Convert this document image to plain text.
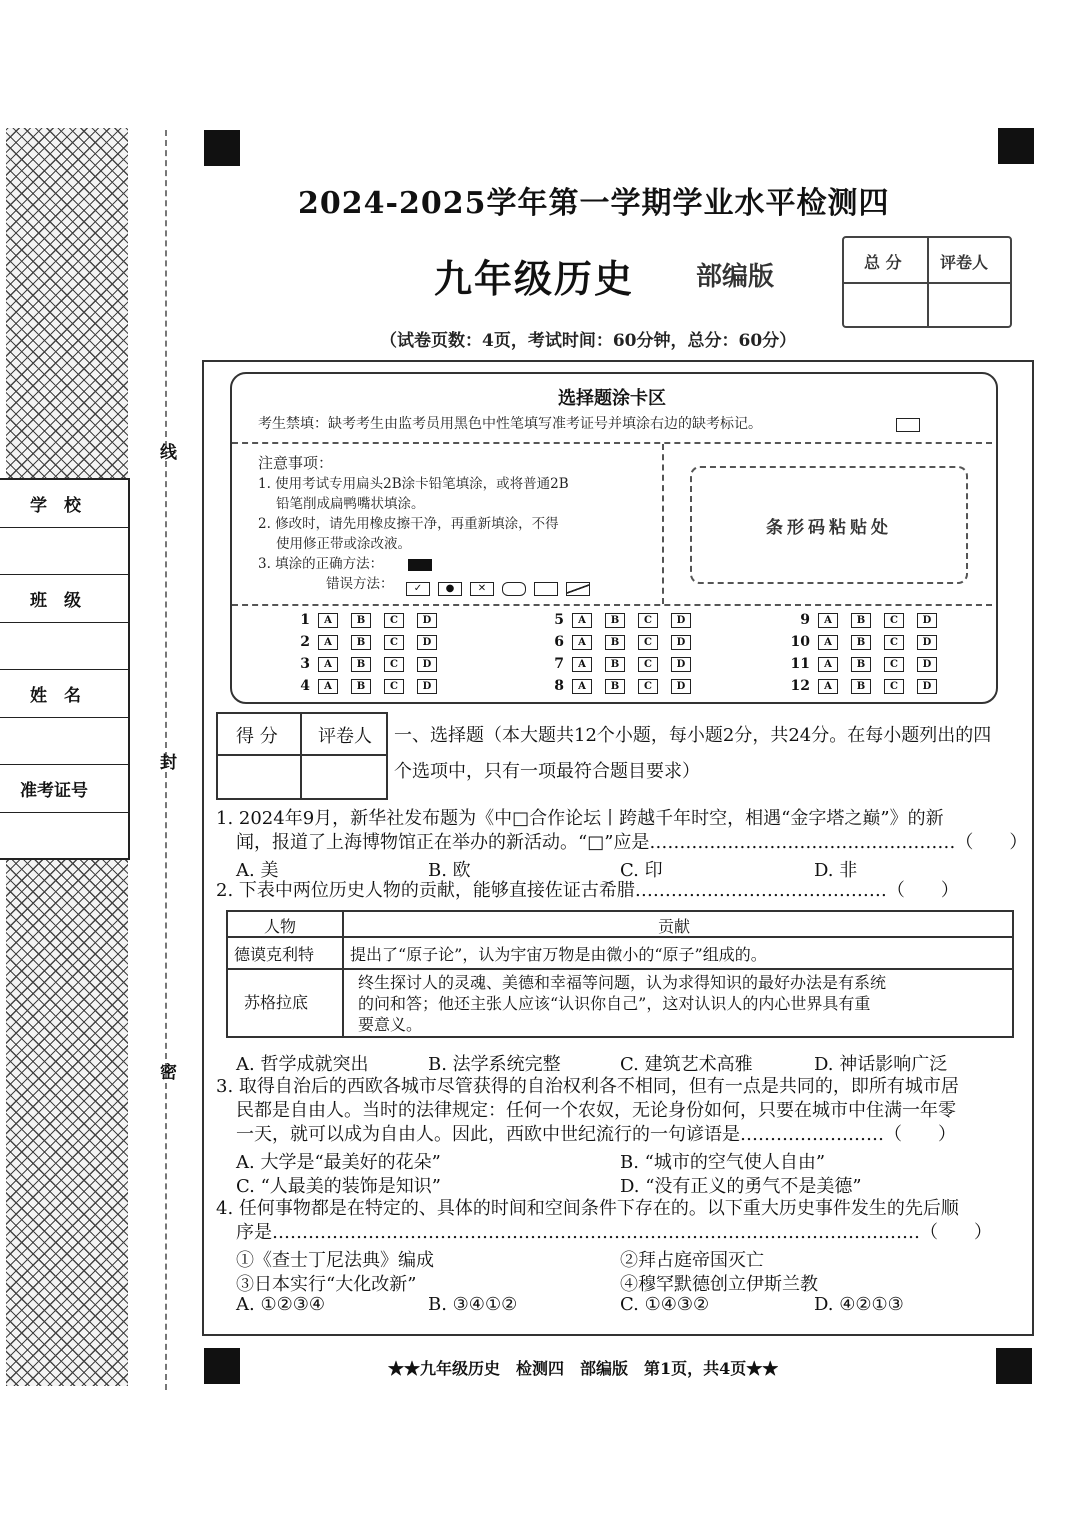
线
封
密
学　校
班　级
姓　名
准考证号
2024-2025学年第一学期学业水平检测四
九年级历史 部编版
（试卷页数：4页，考试时间：60分钟，总分：60分）
总 分 评卷人
选择题涂卡区
考生禁填：缺考考生由监考员用黑色中性笔填写准考证号并填涂右边的缺考标记。
注意事项：
1. 使用考试专用扁头2B涂卡铅笔填涂，或将普通2B
铅笔削成扁鸭嘴状填涂。
2. 修改时，请先用橡皮擦干净，再重新填涂，不得
使用修正带或涂改液。
3. 填涂的正确方法：
错误方法：	✓ ● ✕
条形码粘贴处
1	A	B	C	D
2	A	B	C	D
3	A	B	C	D
4	A	B	C	D
5	A	B	C	D
6	A	B	C	D
7	A	B	C	D
8	A	B	C	D
9	A	B	C	D
10	A	B	C	D
11	A	B	C	D
12	A	B	C	D
得 分 评卷人 一、选择题（本大题共12个小题，每小题2分，共24分。在每小题列出的四
个选项中，只有一项最符合题目要求）
1. 2024年9月，新华社发布题为《中□合作论坛丨跨越千年时空，相遇“金字塔之巅”》的新
闻，报道了上海博物馆正在举办的新活动。“□”应是……………………………………………（　　）
A. 美	B. 欧	C. 印	D. 非
2. 下表中两位历史人物的贡献，能够直接佐证古希腊……………………………………（　　）
人物	贡献
德谟克利特 提出了“原子论”，认为宇宙万物是由微小的“原子”组成的。
苏格拉底
终生探讨人的灵魂、美德和幸福等问题，认为求得知识的最好办法是有系统
的问和答；他还主张人应该“认识你自己”，这对认识人的内心世界具有重
要意义。
A. 哲学成就突出	B. 法学系统完整	C. 建筑艺术高雅	D. 神话影响广泛
3. 取得自治后的西欧各城市尽管获得的自治权利各不相同，但有一点是共同的，即所有城市居
民都是自由人。当时的法律规定：任何一个农奴，无论身份如何，只要在城市中住满一年零
一天，就可以成为自由人。因此，西欧中世纪流行的一句谚语是……………………（　　）
A. 大学是“最美好的花朵”	B. “城市的空气使人自由”
C. “人最美的装饰是知识”	D. “没有正义的勇气不是美德”
4. 任何事物都是在特定的、具体的时间和空间条件下存在的。以下重大历史事件发生的先后顺
序是………………………………………………………………………………………………（　　）
①《查士丁尼法典》编成	②拜占庭帝国灭亡
③日本实行“大化改新”	④穆罕默德创立伊斯兰教
A. ①②③④	B. ③④①②	C. ①④③②	D. ④②①③
★★九年级历史　检测四　部编版　第1页，共4页★★
